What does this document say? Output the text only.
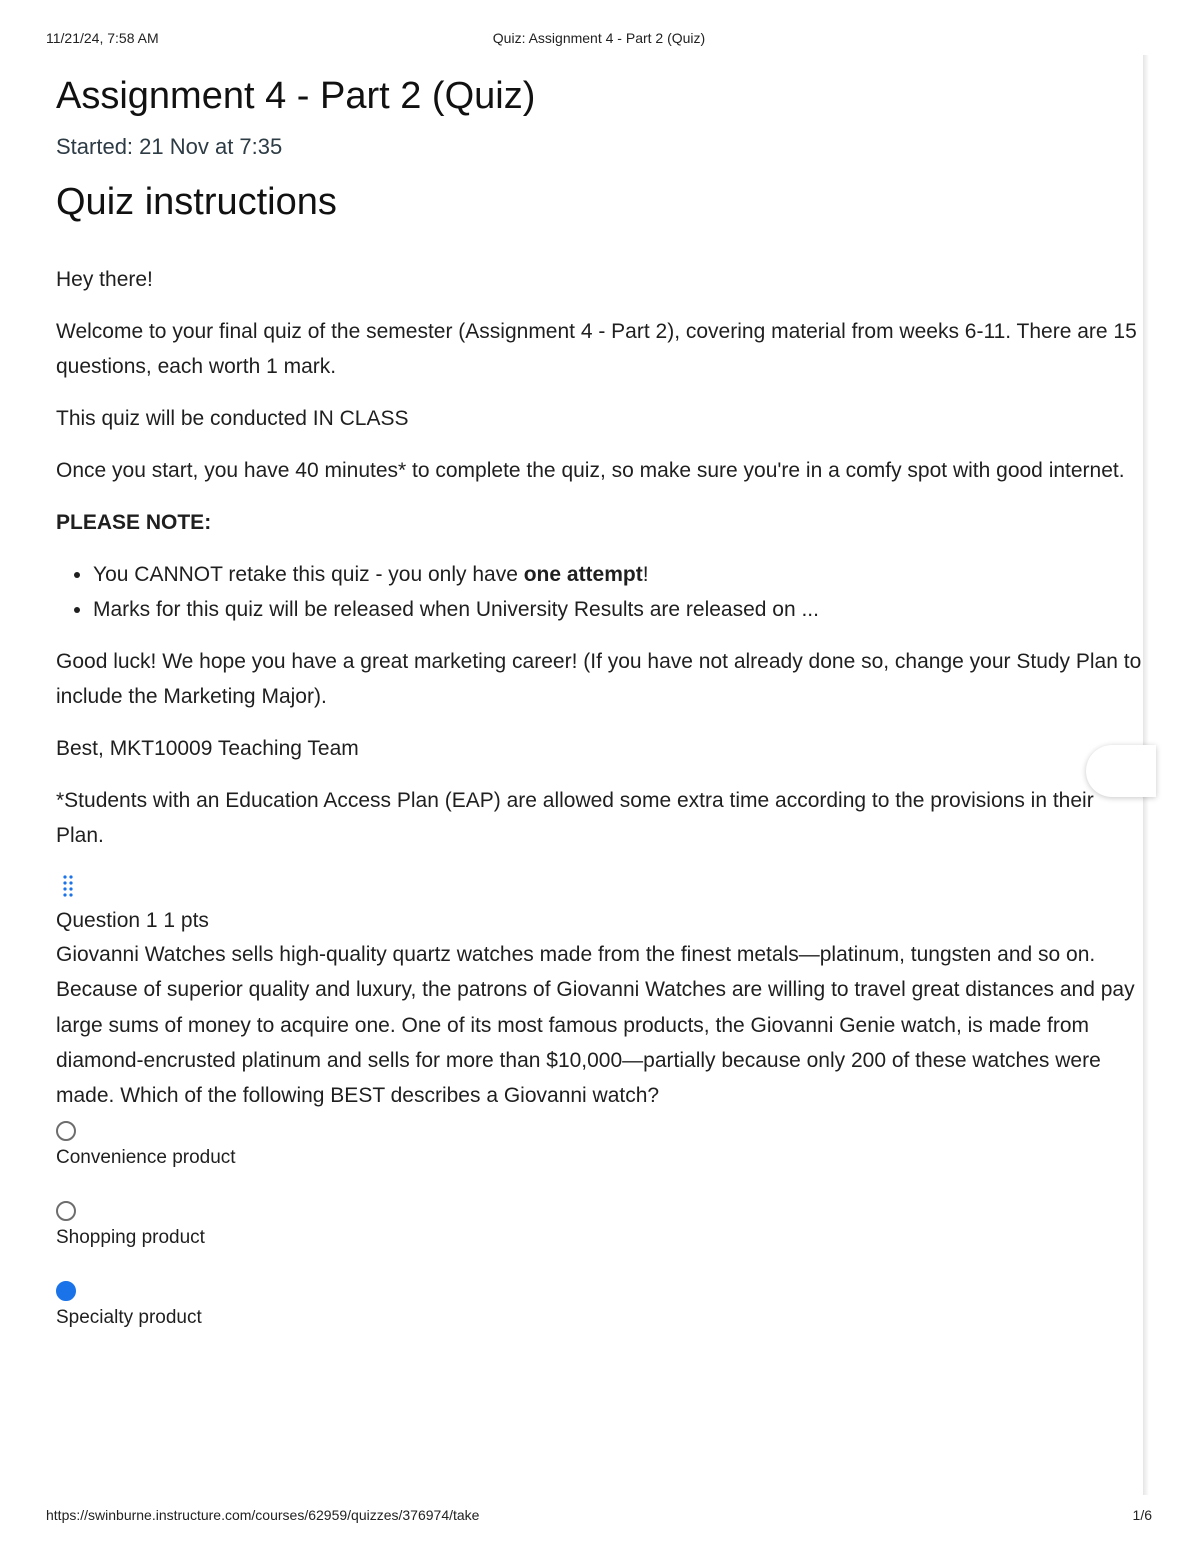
11/21/24, 7:58 AM	Quiz: Assignment 4 - Part 2 (Quiz)
Assignment 4 - Part 2 (Quiz)
Started: 21 Nov at 7:35
Quiz instructions

Hey there!

Welcome to your final quiz of the semester (Assignment 4 - Part 2), covering material from weeks 6-11. There are 15 questions, each worth 1 mark.

This quiz will be conducted IN CLASS

Once you start, you have 40 minutes* to complete the quiz, so make sure you're in a comfy spot with good internet.

PLEASE NOTE:

• You CANNOT retake this quiz - you only have one attempt!
• Marks for this quiz will be released when University Results are released on ...

Good luck! We hope you have a great marketing career! (If you have not already done so, change your Study Plan to include the Marketing Major).

Best, MKT10009 Teaching Team

*Students with an Education Access Plan (EAP) are allowed some extra time according to the provisions in their Plan.

Question 1 1 pts

Giovanni Watches sells high-quality quartz watches made from the finest metals—platinum, tungsten and so on. Because of superior quality and luxury, the patrons of Giovanni Watches are willing to travel great distances and pay large sums of money to acquire one. One of its most famous products, the Giovanni Genie watch, is made from diamond-encrusted platinum and sells for more than $10,000—partially because only 200 of these watches were made. Which of the following BEST describes a Giovanni watch?

Convenience product
Shopping product
Specialty product
https://swinburne.instructure.com/courses/62959/quizzes/376974/take	1/6
